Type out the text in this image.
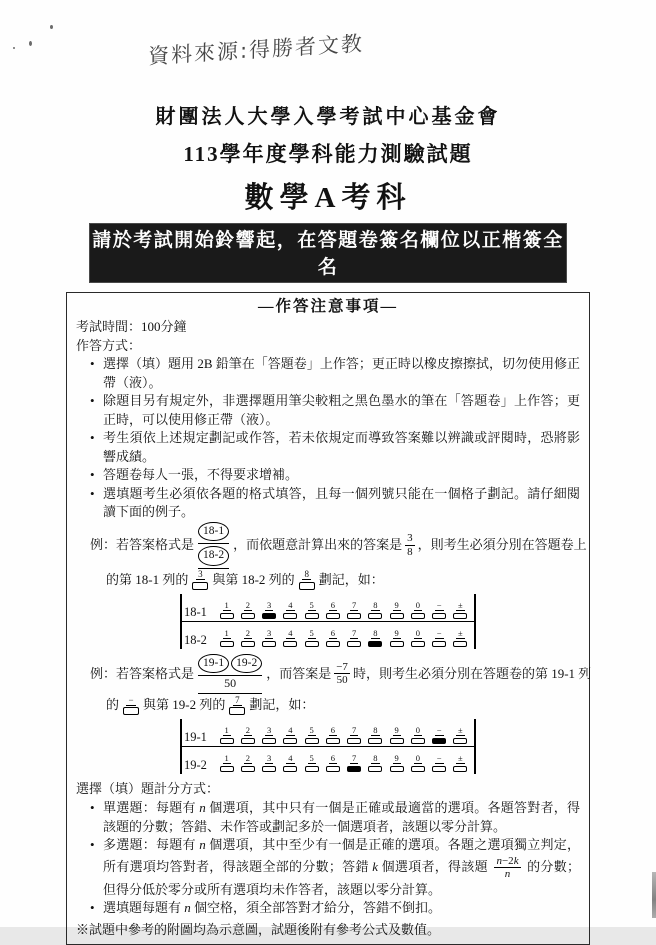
資料來源:得勝者文教
財團法人大學入學考試中心基金會
113學年度學科能力測驗試題
數學A考科
請於考試開始鈴響起，在答題卷簽名欄位以正楷簽全名
—作答注意事項—
考試時間：100分鐘
作答方式：
• 選擇（填）題用 2B 鉛筆在「答題卷」上作答；更正時以橡皮擦擦拭，切勿使用修正帶（液）。
• 除題目另有規定外，非選擇題用筆尖較粗之黑色墨水的筆在「答題卷」上作答；更正時，可以使用修正帶（液）。
• 考生須依上述規定劃記或作答，若未依規定而導致答案難以辨識或評閱時，恐將影響成績。
• 答題卷每人一張，不得要求增補。
• 選填題考生必須依各題的格式填答，且每一個列號只能在一個格子劃記。請仔細閱讀下面的例子。
例：若答案格式是
18-1
18-2
，而依題意計算出來的答案是 3
8 ，則考生必須分別在答題卷上
的第 18-1 列的 3 與第 18-2 列的 8 劃記，如：
18-1	1 2 3 4 5 6 7 8 9 0 − ±
18-2	1 2 3 4 5 6 7 8 9 0 − ±
例：若答案格式是
19-1	19-2
50
，而答案是 −7
50 時，則考生必須分別在答題卷的第 19-1 列
的 − 與第 19-2 列的 7 劃記，如：
19-1	1 2 3 4 5 6 7 8 9 0 − ±
19-2	1 2 3 4 5 6 7 8 9 0 − ±
選擇（填）題計分方式：
• 單選題：每題有 n 個選項，其中只有一個是正確或最適當的選項。各題答對者，得該題的分數；答錯、未作答或劃記多於一個選項者，該題以零分計算。
• 多選題：每題有 n 個選項，其中至少有一個是正確的選項。各題之選項獨立判定，所有選項均答對者，得該題全部的分數；答錯 k 個選項者，得該題 $\frac{n-2k}{n}$ 的分數；但得分低於零分或所有選項均未作答者，該題以零分計算。
• 選填題每題有 n 個空格，須全部答對才給分，答錯不倒扣。
※試題中參考的附圖均為示意圖，試題後附有參考公式及數值。
